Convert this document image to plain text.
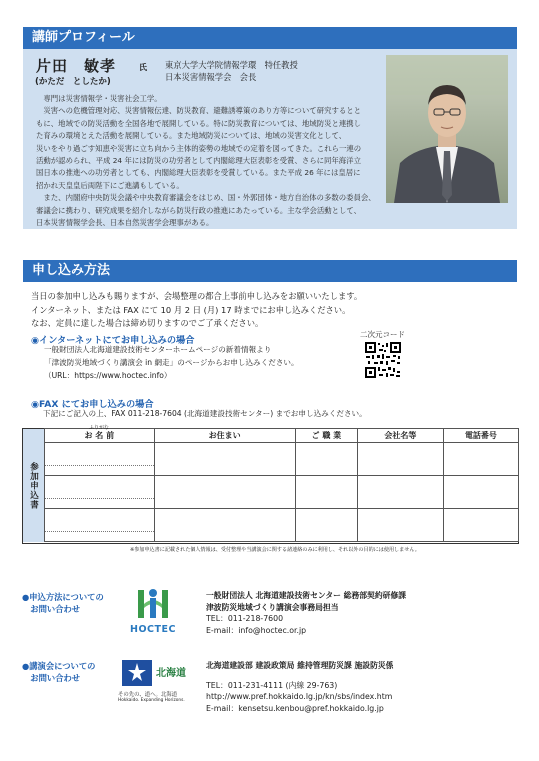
講師プロフィール
片田　敏孝	氏
(かただ　としたか)
東京大学大学院情報学環　特任教授
日本災害情報学会　会長
　専門は災害情報学・災害社会工学。
　災害への危機管理対応、災害情報伝達、防災教育、避難誘導策のあり方等について研究するとと
もに、地域での防災活動を全国各地で展開している。特に防災教育については、地域防災と連携し
た育みの環境とえた活動を展開している。また地域防災については、地域の災害文化として、
災いをやり過ごす知恵や災害に立ち向かう主体的姿勢の地域での定着を図ってきた。これら一連の
活動が認められ、平成 24 年には防災の功労者として内閣総理大臣表彰を受賞、さらに同年海洋立
国日本の推進への功労者としても、内閣総理大臣表彰を受賞している。また平成 26 年には皇居に
招かれ天皇皇后両陛下にご進講もしている。
　また、内閣府中央防災会議や中央教育審議会をはじめ、国・外郭団体・地方自治体の多数の委員会、
審議会に携わり、研究成果を紹介しながら防災行政の推進にあたっている。主な学会活動として、
日本災害情報学会長、日本自然災害学会理事がある。
申し込み方法
当日の参加申し込みも賜りますが、会場整理の都合上事前申し込みをお願いいたします。
インターネット、または FAX にて 10 月 2 日 (月) 17 時までにお申し込みください。
なお、定員に達した場合は締め切りますのでご了承ください。
二次元コード
◉インターネットにてお申し込みの場合
一般財団法人北海道建設技術センターホームページの新着情報より
「津波防災地域づくり講演会 in 網走」のページからお申し込みください。
（URL：https://www.hoctec.info）
◉FAX にてお申し込みの場合
下記にご記入の上、FAX 011-218-7604 (北海道建設技術センター) までお申し込みください。
参加申込書
ふりがな
お 名 前	お住まい	ご 職 業	会社名等	電話番号

※参加申込書に記載された個人情報は、受付整理や当講演会に関する諸連絡のみに利用し、それ以外の目的には使用しません。
●申込方法についての
　お問い合わせ
HOCTEC
一般財団法人 北海道建設技術センター 総務部契約研修課
津波防災地域づくり講演会事務局担当
TEL：011-218-7600
E-mail：info@hoctec.or.jp
●講演会についての
　お問い合わせ	北海道
その先の、道へ。北海道
Hokkaido. Expanding Horizons.
北海道建設部 建設政策局 維持管理防災課 施設防災係
TEL：011-231-4111 (内線 29-763)
http://www.pref.hokkaido.lg.jp/kn/sbs/index.htm
E-mail：kensetsu.kenbou@pref.hokkaido.lg.jp
